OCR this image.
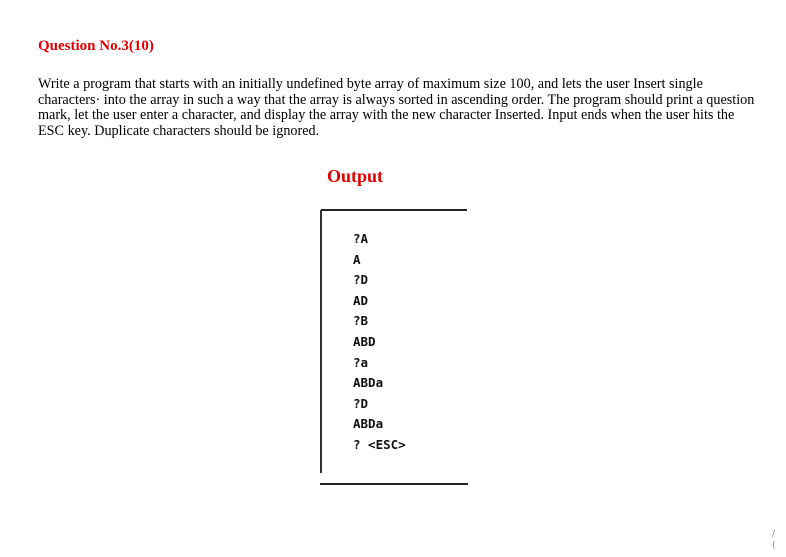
Question No.3(10)

Write a program that starts with an initially undefined byte array of maximum size 100, and lets the user Insert single characters· into the array in such a way that the array is always sorted in ascending order. The program should print a question mark, let the user enter a character, and display the array with the new character Inserted. Input ends when the user hits the ESC key. Duplicate characters should be ignored.

Output
?A
A
?D
AD
?B
ABD
?a
ABDa
?D
ABDa
? <ESC>
/
(
